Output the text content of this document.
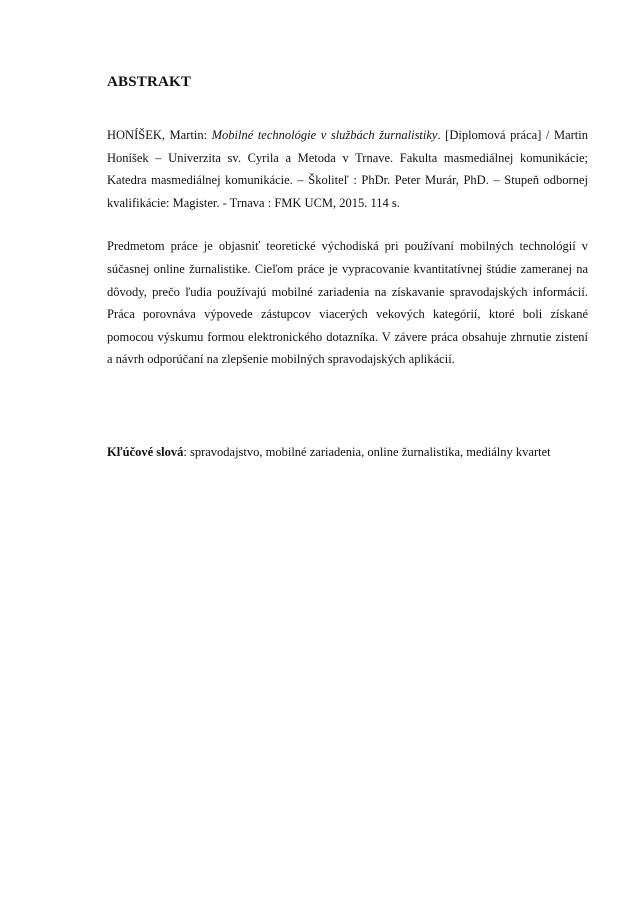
ABSTRAKT

HONÍŠEK, Martin: Mobilné technológie v službách žurnalistiky. [Diplomová práca] / Martin Honíšek – Univerzita sv. Cyrila a Metoda v Trnave. Fakulta masmediálnej komunikácie; Katedra masmediálnej komunikácie. – Školiteľ : PhDr. Peter Murár, PhD. – Stupeň odbornej kvalifikácie: Magister. - Trnava : FMK UCM, 2015. 114 s.

Predmetom práce je objasniť teoretické východiská pri používaní mobilných technológií v súčasnej online žurnalistike. Cieľom práce je vypracovanie kvantitatívnej štúdie zameranej na dôvody, prečo ľudia používajú mobilné zariadenia na získavanie spravodajských informácií. Práca porovnáva výpovede zástupcov viacerých vekových kategórií, ktoré boli získané pomocou výskumu formou elektronického dotazníka. V závere práca obsahuje zhrnutie zistení a návrh odporúčaní na zlepšenie mobilných spravodajských aplikácií.

Kľúčové slová: spravodajstvo, mobilné zariadenia, online žurnalistika, mediálny kvartet
